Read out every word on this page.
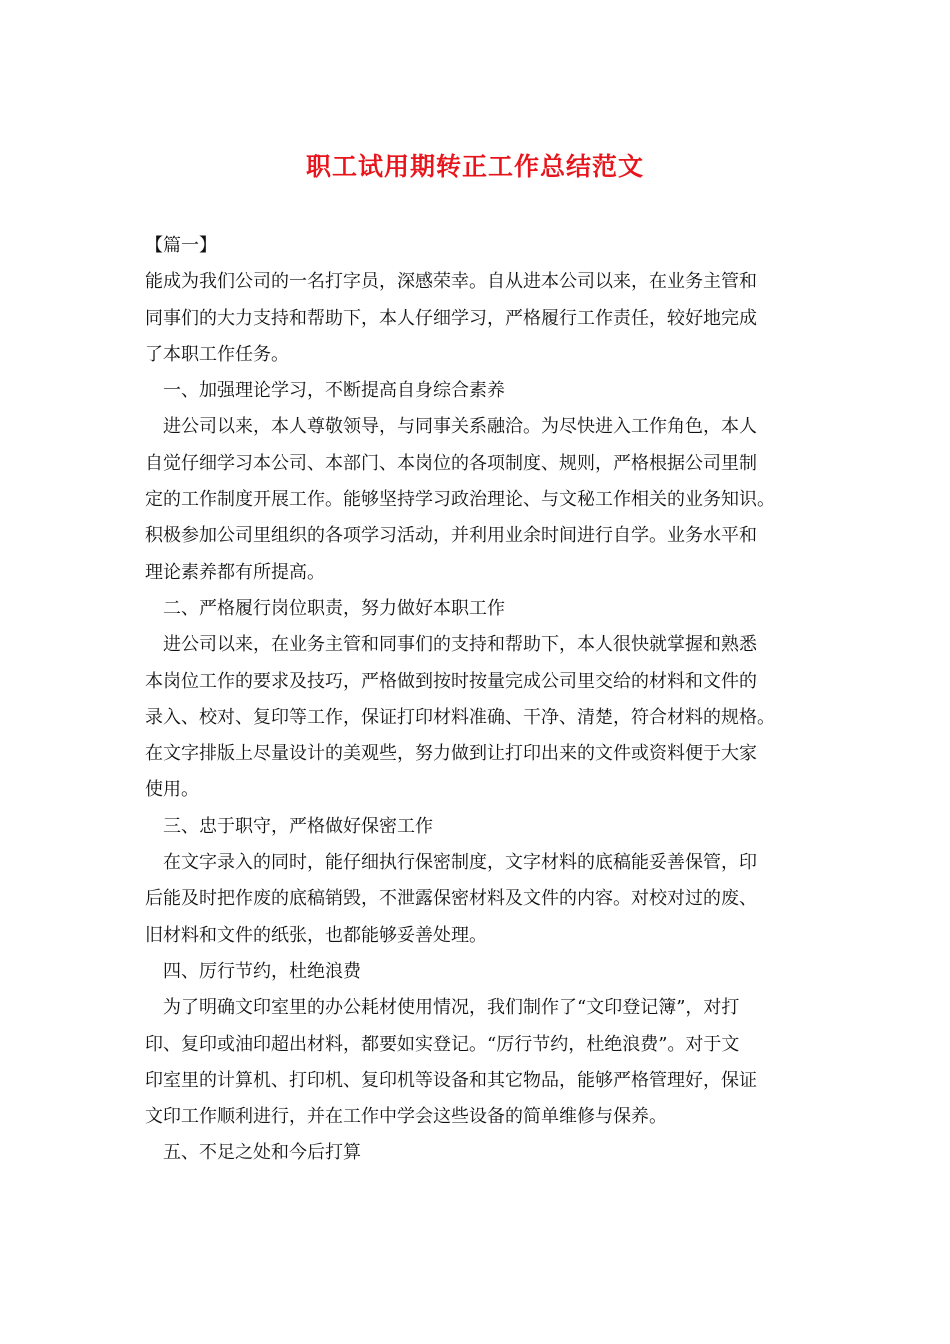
职工试用期转正工作总结范文

【篇一】

能成为我们公司的一名打字员，深感荣幸。自从进本公司以来，在业务主管和

同事们的大力支持和帮助下，本人仔细学习，严格履行工作责任，较好地完成

了本职工作任务。

　一、加强理论学习，不断提高自身综合素养

　进公司以来，本人尊敬领导，与同事关系融洽。为尽快进入工作角色，本人

自觉仔细学习本公司、本部门、本岗位的各项制度、规则，严格根据公司里制

定的工作制度开展工作。能够坚持学习政治理论、与文秘工作相关的业务知识。

积极参加公司里组织的各项学习活动，并利用业余时间进行自学。业务水平和

理论素养都有所提高。

　二、严格履行岗位职责，努力做好本职工作

　进公司以来，在业务主管和同事们的支持和帮助下，本人很快就掌握和熟悉

本岗位工作的要求及技巧，严格做到按时按量完成公司里交给的材料和文件的

录入、校对、复印等工作，保证打印材料准确、干净、清楚，符合材料的规格。

在文字排版上尽量设计的美观些，努力做到让打印出来的文件或资料便于大家

使用。

　三、忠于职守，严格做好保密工作

　在文字录入的同时，能仔细执行保密制度，文字材料的底稿能妥善保管，印

后能及时把作废的底稿销毁，不泄露保密材料及文件的内容。对校对过的废、

旧材料和文件的纸张，也都能够妥善处理。

　四、厉行节约，杜绝浪费

　为了明确文印室里的办公耗材使用情况，我们制作了“文印登记簿”，对打

印、复印或油印超出材料，都要如实登记。“厉行节约，杜绝浪费”。对于文

印室里的计算机、打印机、复印机等设备和其它物品，能够严格管理好，保证

文印工作顺利进行，并在工作中学会这些设备的简单维修与保养。

　五、不足之处和今后打算
